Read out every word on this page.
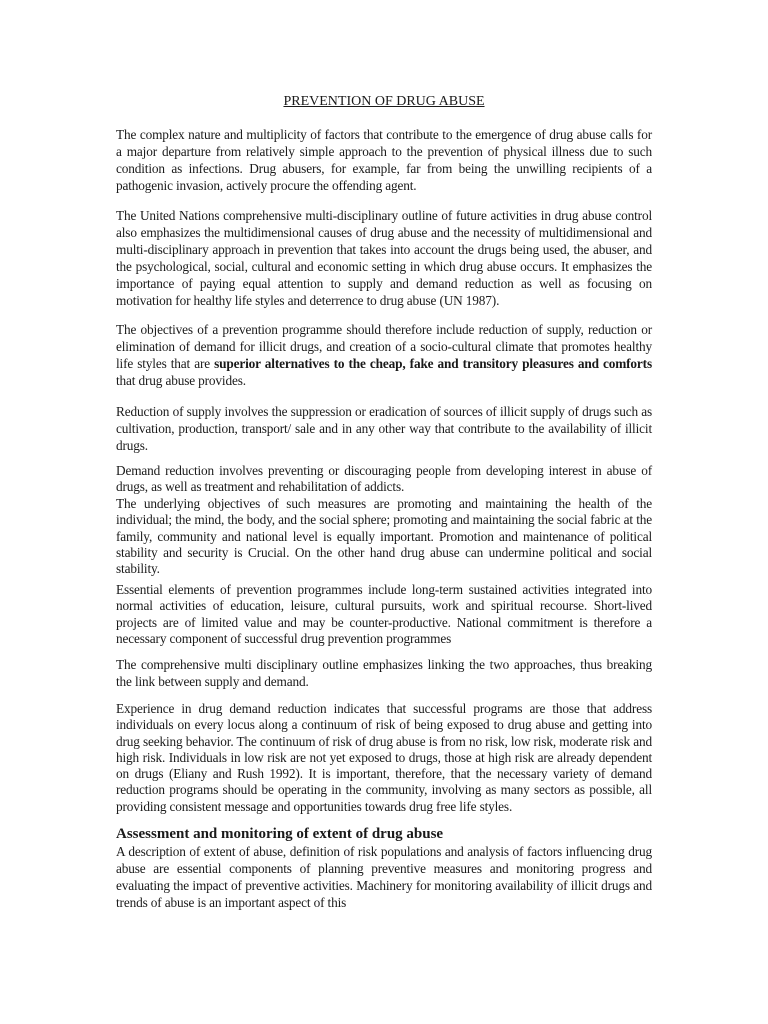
PREVENTION OF DRUG ABUSE

The complex nature and multiplicity of factors that contribute to the emergence of drug abuse calls for a major departure from relatively simple approach to the prevention of physical illness due to such condition as infections. Drug abusers, for example, far from being the unwilling recipients of a pathogenic invasion, actively procure the offending agent.

The United Nations comprehensive multi-disciplinary outline of future activities in drug abuse control also emphasizes the multidimensional causes of drug abuse and the necessity of multidimensional and multi-disciplinary approach in prevention that takes into account the drugs being used, the abuser, and the psychological, social, cultural and economic setting in which drug abuse occurs. It emphasizes the importance of paying equal attention to supply and demand reduction as well as focusing on motivation for healthy life styles and deterrence to drug abuse (UN 1987).

The objectives of a prevention programme should therefore include reduction of supply, reduction or elimination of demand for illicit drugs, and creation of a socio-cultural climate that promotes healthy life styles that are superior alternatives to the cheap, fake and transitory pleasures and comforts that drug abuse provides.

Reduction of supply involves the suppression or eradication of sources of illicit supply of drugs such as cultivation, production, transport/ sale and in any other way that contribute to the availability of illicit drugs.

Demand reduction involves preventing or discouraging people from developing interest in abuse of drugs, as well as treatment and rehabilitation of addicts.

The underlying objectives of such measures are promoting and maintaining the health of the individual; the mind, the body, and the social sphere; promoting and maintaining the social fabric at the family, community and national level is equally important. Promotion and maintenance of political stability and security is Crucial. On the other hand drug abuse can undermine political and social stability.

Essential elements of prevention programmes include long-term sustained activities integrated into normal activities of education, leisure, cultural pursuits, work and spiritual recourse. Short-lived projects are of limited value and may be counter-productive. National commitment is therefore a necessary component of successful drug prevention programmes

The comprehensive multi disciplinary outline emphasizes linking the two approaches, thus breaking the link between supply and demand.

Experience in drug demand reduction indicates that successful programs are those that address individuals on every locus along a continuum of risk of being exposed to drug abuse and getting into drug seeking behavior. The continuum of risk of drug abuse is from no risk, low risk, moderate risk and high risk. Individuals in low risk are not yet exposed to drugs, those at high risk are already dependent on drugs (Eliany and Rush 1992). It is important, therefore, that the necessary variety of demand reduction programs should be operating in the community, involving as many sectors as possible, all providing consistent message and opportunities towards drug free life styles.

Assessment and monitoring of extent of drug abuse

A description of extent of abuse, definition of risk populations and analysis of factors influencing drug abuse are essential components of planning preventive measures and monitoring progress and evaluating the impact of preventive activities. Machinery for monitoring availability of illicit drugs and trends of abuse is an important aspect of this
